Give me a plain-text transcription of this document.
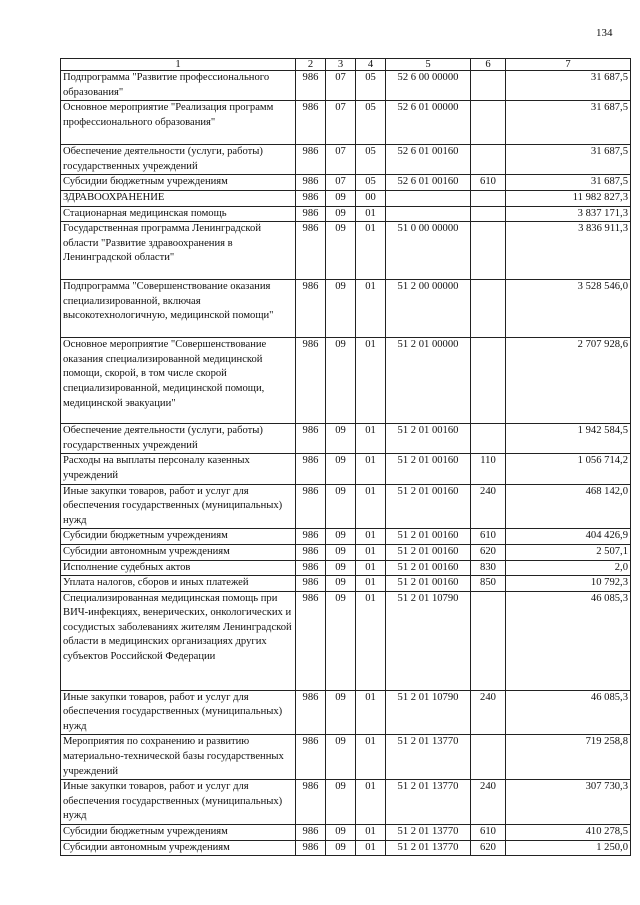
134
1	2	3	4	5	6	7
Подпрограмма "Развитие профессионального образования"	986	07	05	52 6 00 00000		31 687,5
Основное мероприятие "Реализация программ профессионального образования"	986	07	05	52 6 01 00000		31 687,5
Обеспечение деятельности (услуги, работы) государственных учреждений	986	07	05	52 6 01 00160		31 687,5
Субсидии бюджетным учреждениям	986	07	05	52 6 01 00160	610	31 687,5
ЗДРАВООХРАНЕНИЕ	986	09	00			11 982 827,3
Стационарная медицинская помощь	986	09	01			3 837 171,3
Государственная программа Ленинградской области "Развитие здравоохранения в Ленинградской области"	986	09	01	51 0 00 00000		3 836 911,3
Подпрограмма "Совершенствование оказания специализированной, включая высокотехнологичную, медицинской помощи"	986	09	01	51 2 00 00000		3 528 546,0
Основное мероприятие "Совершенствование оказания специализированной медицинской помощи, скорой, в том числе скорой специализированной, медицинской помощи, медицинской эвакуации"	986	09	01	51 2 01 00000		2 707 928,6
Обеспечение деятельности (услуги, работы) государственных учреждений	986	09	01	51 2 01 00160		1 942 584,5
Расходы на выплаты персоналу казенных учреждений	986	09	01	51 2 01 00160	110	1 056 714,2
Иные закупки товаров, работ и услуг для обеспечения государственных (муниципальных) нужд	986	09	01	51 2 01 00160	240	468 142,0
Субсидии бюджетным учреждениям	986	09	01	51 2 01 00160	610	404 426,9
Субсидии автономным учреждениям	986	09	01	51 2 01 00160	620	2 507,1
Исполнение судебных актов	986	09	01	51 2 01 00160	830	2,0
Уплата налогов, сборов и иных платежей	986	09	01	51 2 01 00160	850	10 792,3
Специализированная медицинская помощь при ВИЧ-инфекциях, венерических, онкологических и сосудистых заболеваниях жителям Ленинградской области в медицинских организациях других субъектов Российской Федерации	986	09	01	51 2 01 10790		46 085,3
Иные закупки товаров, работ и услуг для обеспечения государственных (муниципальных) нужд	986	09	01	51 2 01 10790	240	46 085,3
Мероприятия по сохранению и развитию материально-технической базы государственных учреждений	986	09	01	51 2 01 13770		719 258,8
Иные закупки товаров, работ и услуг для обеспечения государственных (муниципальных) нужд	986	09	01	51 2 01 13770	240	307 730,3
Субсидии бюджетным учреждениям	986	09	01	51 2 01 13770	610	410 278,5
Субсидии автономным учреждениям	986	09	01	51 2 01 13770	620	1 250,0
